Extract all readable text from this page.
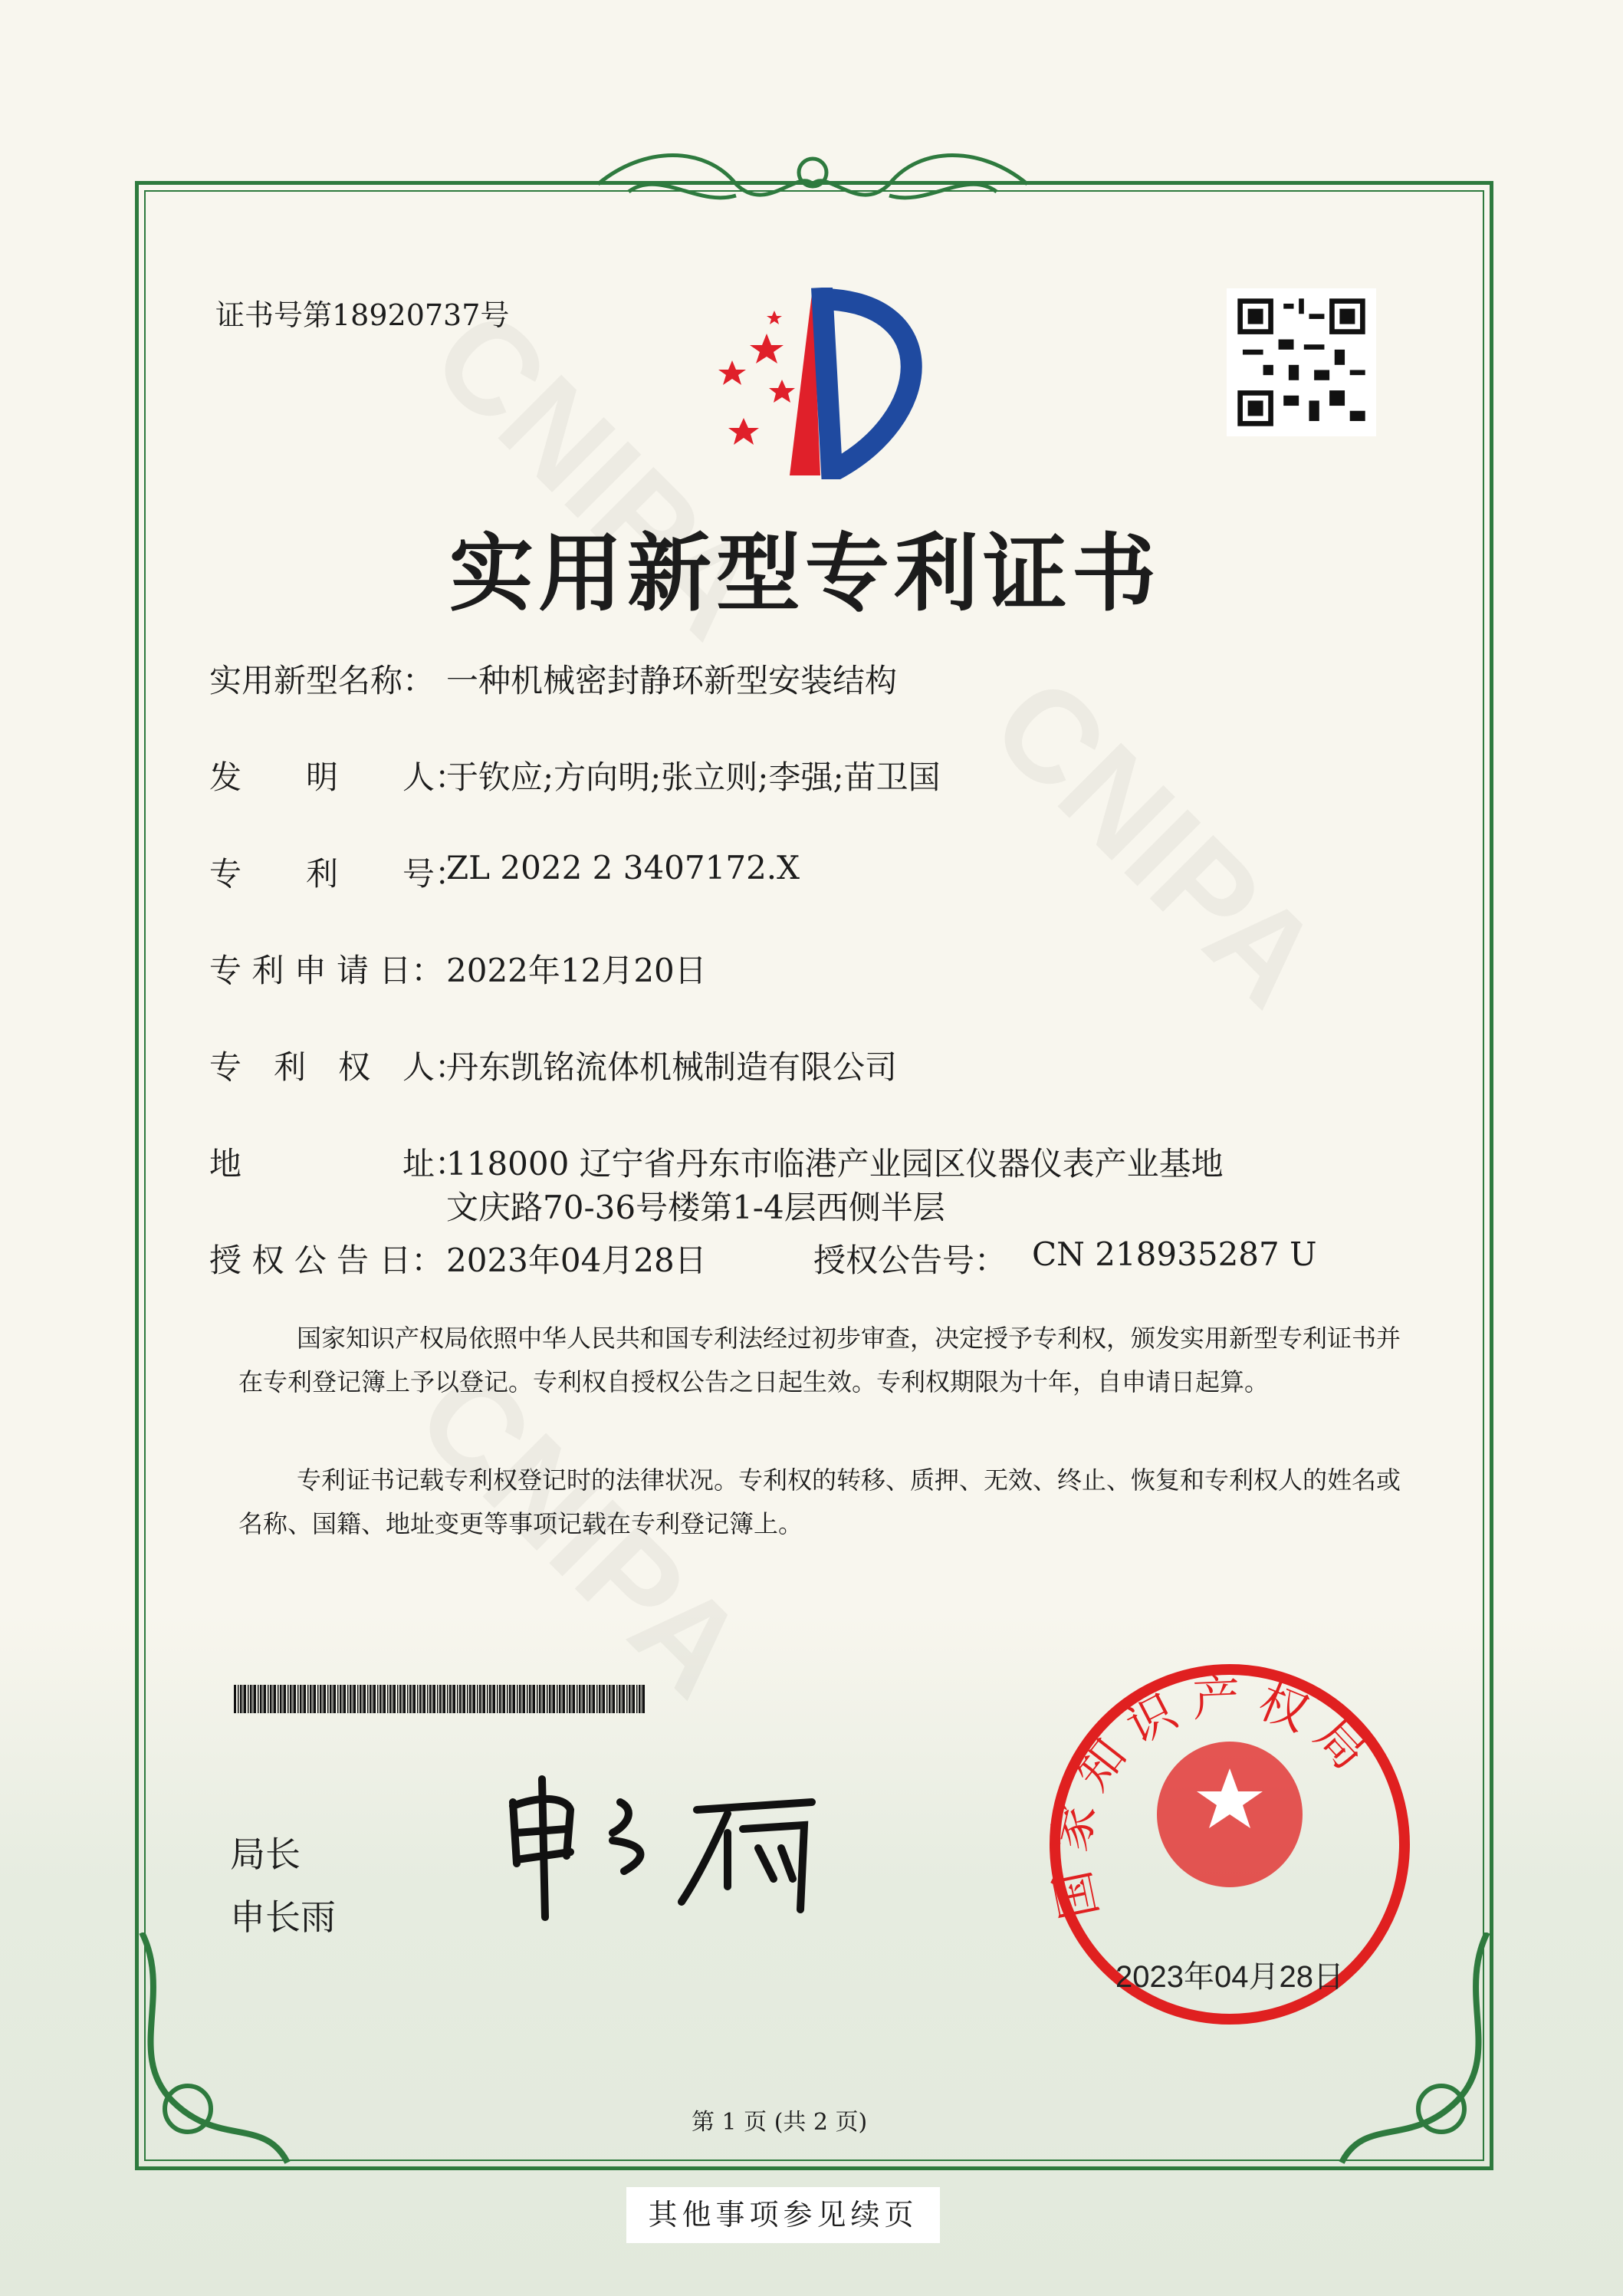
证书号第18920737号
实用新型专利证书
实用新型名称： 一种机械密封静环新型安装结构
发　　明　　人：
于钦应;方向明;张立则;李强;苗卫国
专　　利　　号：
ZL 2022 2 3407172.X
专 利 申 请 日： 2022年12月20日
专　利　权　人：
丹东凯铭流体机械制造有限公司
地　　　　　址：
118000 辽宁省丹东市临港产业园区仪器仪表产业基地
文庆路70-36号楼第1-4层西侧半层
授 权 公 告 日： 2023年04月28日	授权公告号： CN 218935287 U
国家知识产权局依照中华人民共和国专利法经过初步审查，决定授予专利权，颁发实用新型专利证书并在专利登记簿上予以登记。专利权自授权公告之日起生效。专利权期限为十年，自申请日起算。
专利证书记载专利权登记时的法律状况。专利权的转移、质押、无效、终止、恢复和专利权人的姓名或名称、国籍、地址变更等事项记载在专利登记簿上。
局长
申长雨	国家知识产权局
2023年04月28日
第 1 页 (共 2 页)
其他事项参见续页
